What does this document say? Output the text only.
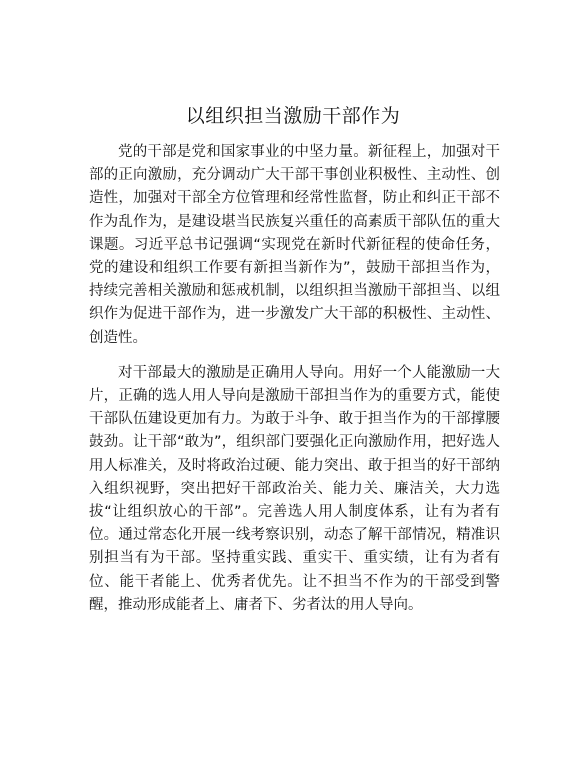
以组织担当激励干部作为

党的干部是党和国家事业的中坚力量。新征程上，加强对干部的正向激励，充分调动广大干部干事创业积极性、主动性、创造性，加强对干部全方位管理和经常性监督，防止和纠正干部不作为乱作为，是建设堪当民族复兴重任的高素质干部队伍的重大课题。习近平总书记强调“实现党在新时代新征程的使命任务，党的建设和组织工作要有新担当新作为”，鼓励干部担当作为，持续完善相关激励和惩戒机制，以组织担当激励干部担当、以组织作为促进干部作为，进一步激发广大干部的积极性、主动性、创造性。

对干部最大的激励是正确用人导向。用好一个人能激励一大片，正确的选人用人导向是激励干部担当作为的重要方式，能使干部队伍建设更加有力。为敢于斗争、敢于担当作为的干部撑腰鼓劲。让干部“敢为”，组织部门要强化正向激励作用，把好选人用人标准关，及时将政治过硬、能力突出、敢于担当的好干部纳入组织视野，突出把好干部政治关、能力关、廉洁关，大力选拔“让组织放心的干部”。完善选人用人制度体系，让有为者有位。通过常态化开展一线考察识别，动态了解干部情况，精准识别担当有为干部。坚持重实践、重实干、重实绩，让有为者有位、能干者能上、优秀者优先。让不担当不作为的干部受到警醒，推动形成能者上、庸者下、劣者汰的用人导向。
